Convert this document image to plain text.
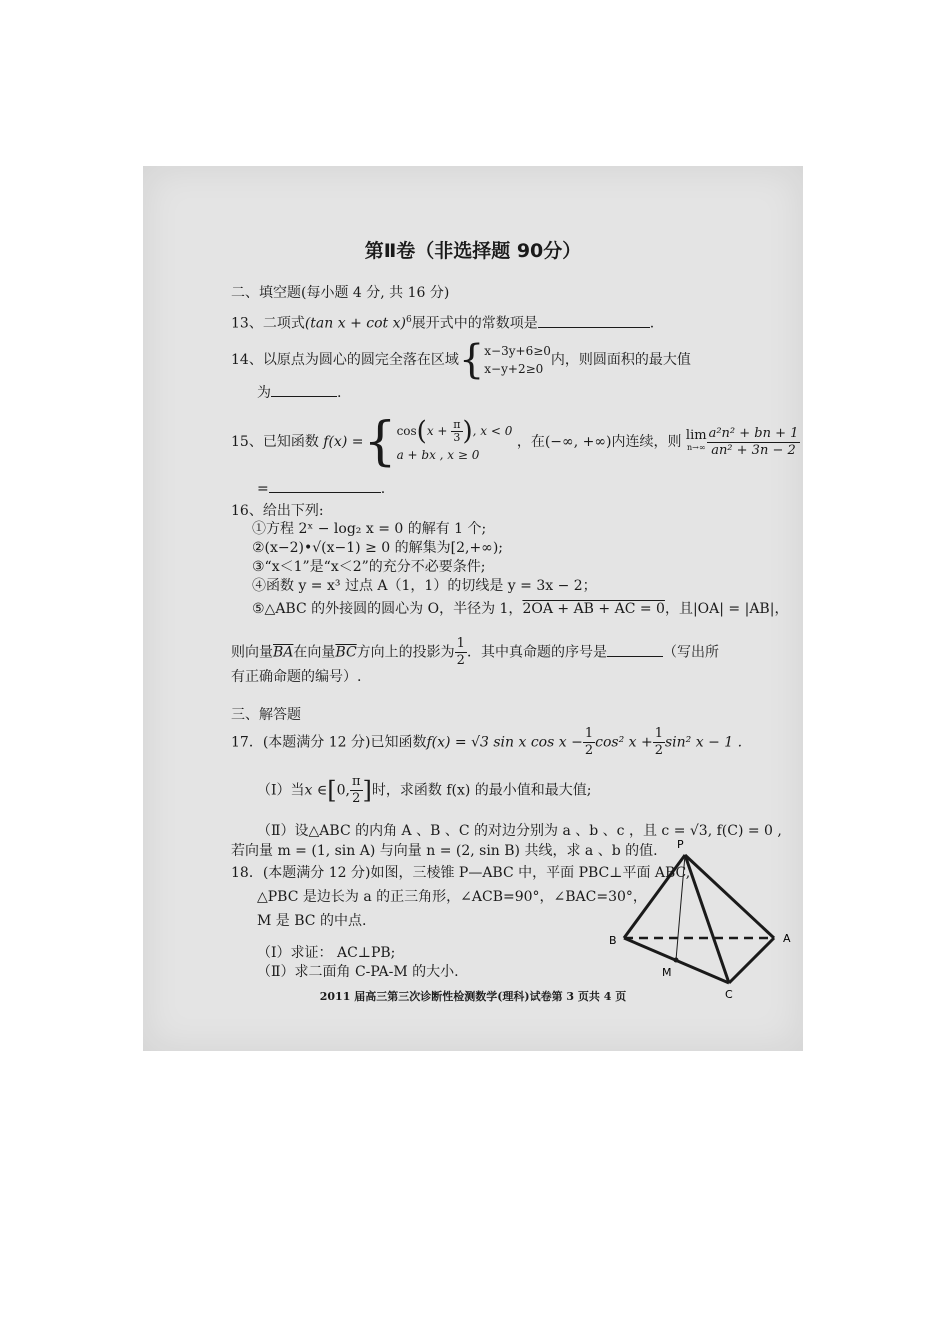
第Ⅱ卷（非选择题 90分）
二、填空题(每小题 4 分, 共 16 分)
13、二项式(tan x + cot x)$^6$展开式中的常数项是	.
14、以原点为圆心的圆完全落在区域{ x−3y+6≥0
x−y+2≥0
内，则圆面积的最大值
为	.
15、已知函数 f(x) ={ $\cos(x + \frac{\pi}{3}$ ), x < 0
a + bx , x ≥ 0
，在(−∞, +∞)内连续，则 lim
$n\to\infty \frac{\text{a²n² + bn + 1}}{\text{an² + 3n − 2}}$
=	.
16、给出下列:
①方程 2ˣ − log₂ x = 0 的解有 1 个;
②(x−2)•√(x−1) ≥ 0 的解集为[2,+∞);
③“x＜1”是“x＜2”的充分不必要条件;
④函数 y = x³ 过点 A（1，1）的切线是 y = 3x − 2；
⑤△ABC 的外接圆的圆心为 O，半径为 1，2OA + AB + AC = 0，且|OA| = |AB|，
则向量$\overline{BA}$在向量$\overline{BC}$方向上的投影为 $\frac{1}{2}$ ．其中真命题的序号是	（写出所
有正确命题的编号）.
三、解答题
17．(本题满分 12 分)已知函数f(x) = √3 sin x $\cos x - \frac{1}{2} \cos^2$ $x + \frac{1}{2} \sin^2$ x − 1 .
（Ⅰ）当x ∈[0, $\frac{\pi}{2}$ ]时，求函数 f(x) 的最小值和最大值;
（Ⅱ）设△ABC 的内角 A 、B 、C 的对边分别为 a 、b 、c ，且 c = √3, f(C) = 0 ,
若向量 m = (1, sin A) 与向量 n = (2, sin B) 共线，求 a 、b 的值.
18．(本题满分 12 分)如图，三棱锥 P—ABC 中，平面 PBC⊥平面 ABC,
△PBC 是边长为 a 的正三角形，∠ACB=90°，∠BAC=30°，
M 是 BC 的中点.
（Ⅰ）求证： AC⊥PB;
（Ⅱ）求二面角 C-PA-M 的大小.
P
B	A
C
M
2011 届高三第三次诊断性检测数学(理科)试卷第 3 页共 4 页
